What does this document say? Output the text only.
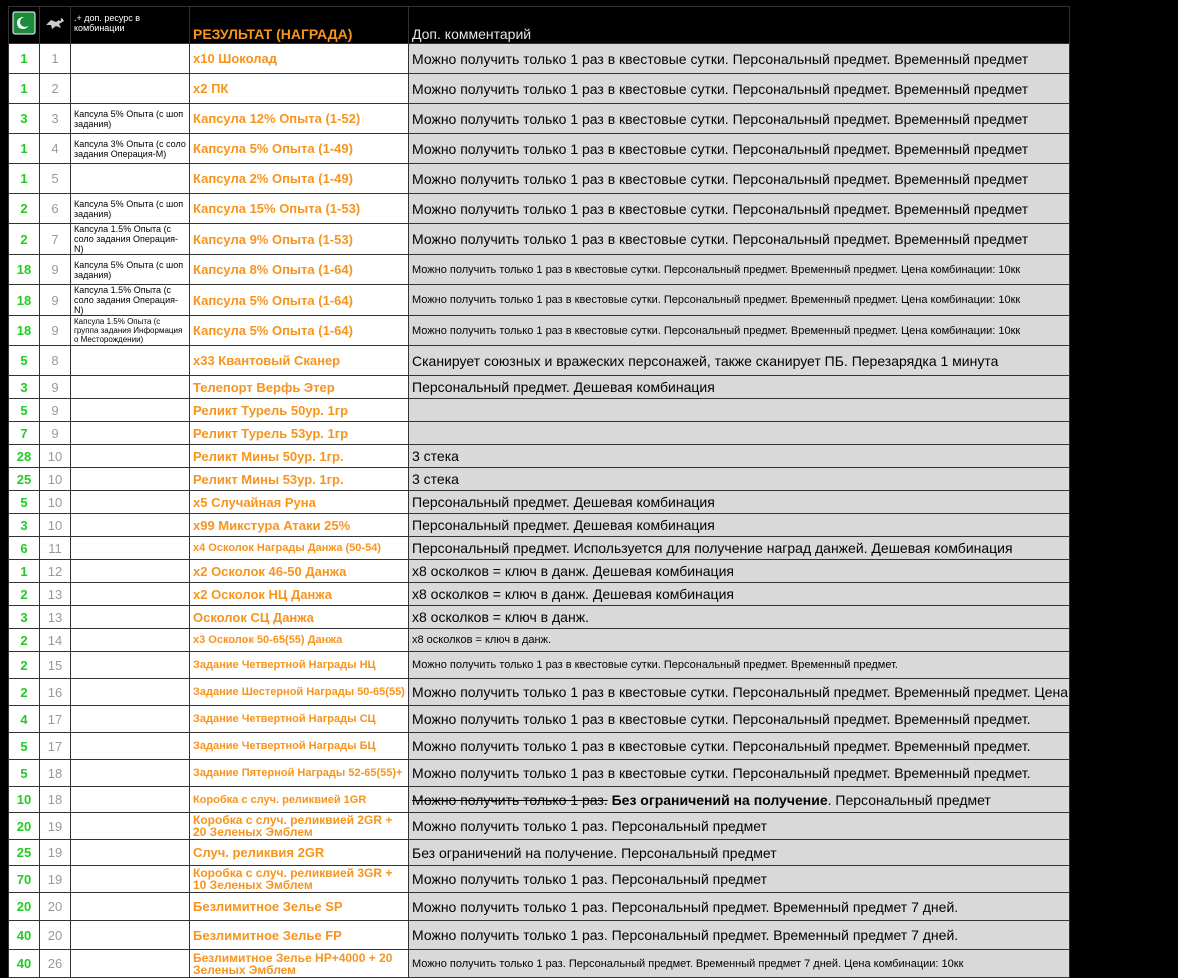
		.+ доп. ресурс в комбинации	РЕЗУЛЬТАТ (НАГРАДА)	Доп. комментарий
1	1		x10 Шоколад	Можно получить только 1 раз в квестовые сутки. Персональный предмет. Временный предмет
1	2		x2 ПК	Можно получить только 1 раз в квестовые сутки. Персональный предмет. Временный предмет
3	3	Капсула 5% Опыта (с шоп задания)	Капсула 12% Опыта (1-52)	Можно получить только 1 раз в квестовые сутки. Персональный предмет. Временный предмет
1	4	Капсула 3% Опыта (с соло задания Операция-М)	Капсула 5% Опыта (1-49)	Можно получить только 1 раз в квестовые сутки. Персональный предмет. Временный предмет
1	5		Капсула 2% Опыта (1-49)	Можно получить только 1 раз в квестовые сутки. Персональный предмет. Временный предмет
2	6	Капсула 5% Опыта (с шоп задания)	Капсула 15% Опыта (1-53)	Можно получить только 1 раз в квестовые сутки. Персональный предмет. Временный предмет
2	7	Капсула 1.5% Опыта (с соло задания Операция-N)	Капсула 9% Опыта (1-53)	Можно получить только 1 раз в квестовые сутки. Персональный предмет. Временный предмет
18	9	Капсула 5% Опыта (с шоп задания)	Капсула 8% Опыта (1-64)	Можно получить только 1 раз в квестовые сутки. Персональный предмет. Временный предмет. Цена комбинации: 10кк
18	9	Капсула 1.5% Опыта (с соло задания Операция-N)	Капсула 5% Опыта (1-64)	Можно получить только 1 раз в квестовые сутки. Персональный предмет. Временный предмет. Цена комбинации: 10кк
18	9	Капсула 1.5% Опыта (с группа задания Информация о Месторождении)	Капсула 5% Опыта (1-64)	Можно получить только 1 раз в квестовые сутки. Персональный предмет. Временный предмет. Цена комбинации: 10кк
5	8		x33 Квантовый Сканер	Сканирует союзных и вражеских персонажей, также сканирует ПБ. Перезарядка 1 минута
3	9		Телепорт Верфь Этер	Персональный предмет. Дешевая комбинация
5	9		Реликт Турель 50ур. 1гр	
7	9		Реликт Турель 53ур. 1гр	
28	10		Реликт Мины 50ур. 1гр.	3 стека
25	10		Реликт Мины 53ур. 1гр.	3 стека
5	10		x5 Случайная Руна	Персональный предмет. Дешевая комбинация
3	10		x99 Микстура Атаки 25%	Персональный предмет. Дешевая комбинация
6	11		x4 Осколок Награды Данжа (50-54)	Персональный предмет. Используется для получение наград данжей. Дешевая комбинация
1	12		x2 Осколок 46-50 Данжа	x8 осколков = ключ в данж. Дешевая комбинация
2	13		x2 Осколок НЦ Данжа	x8 осколков = ключ в данж. Дешевая комбинация
3	13		Осколок СЦ Данжа	x8 осколков = ключ в данж.
2	14		x3 Осколок 50-65(55) Данжа	x8 осколков = ключ в данж.
2	15		Задание Четвертной Награды НЦ	Можно получить только 1 раз в квестовые сутки. Персональный предмет. Временный предмет.
2	16		Задание Шестерной Награды 50-65(55)	Можно получить только 1 раз в квестовые сутки. Персональный предмет. Временный предмет. Цена комбинации: 1кк
4	17		Задание Четвертной Награды СЦ	Можно получить только 1 раз в квестовые сутки. Персональный предмет. Временный предмет.
5	17		Задание Четвертной Награды БЦ	Можно получить только 1 раз в квестовые сутки. Персональный предмет. Временный предмет.
5	18		Задание Пятерной Награды 52-65(55)+	Можно получить только 1 раз в квестовые сутки. Персональный предмет. Временный предмет.
10	18		Коробка с случ. реликвией 1GR	Можно получить только 1 раз. Без ограничений на получение. Персональный предмет
20	19		Коробка с случ. реликвией 2GR + 20 Зеленых Эмблем	Можно получить только 1 раз. Персональный предмет
25	19		Случ. реликвия 2GR	Без ограничений на получение. Персональный предмет
70	19		Коробка с случ. реликвией 3GR + 10 Зеленых Эмблем	Можно получить только 1 раз. Персональный предмет
20	20		Безлимитное Зелье SP	Можно получить только 1 раз. Персональный предмет. Временный предмет 7 дней.
40	20		Безлимитное Зелье FP	Можно получить только 1 раз. Персональный предмет. Временный предмет 7 дней.
40	26		Безлимитное Зелье HP+4000 + 20 Зеленых Эмблем	Можно получить только 1 раз. Персональный предмет. Временный предмет 7 дней. Цена комбинации: 10кк
